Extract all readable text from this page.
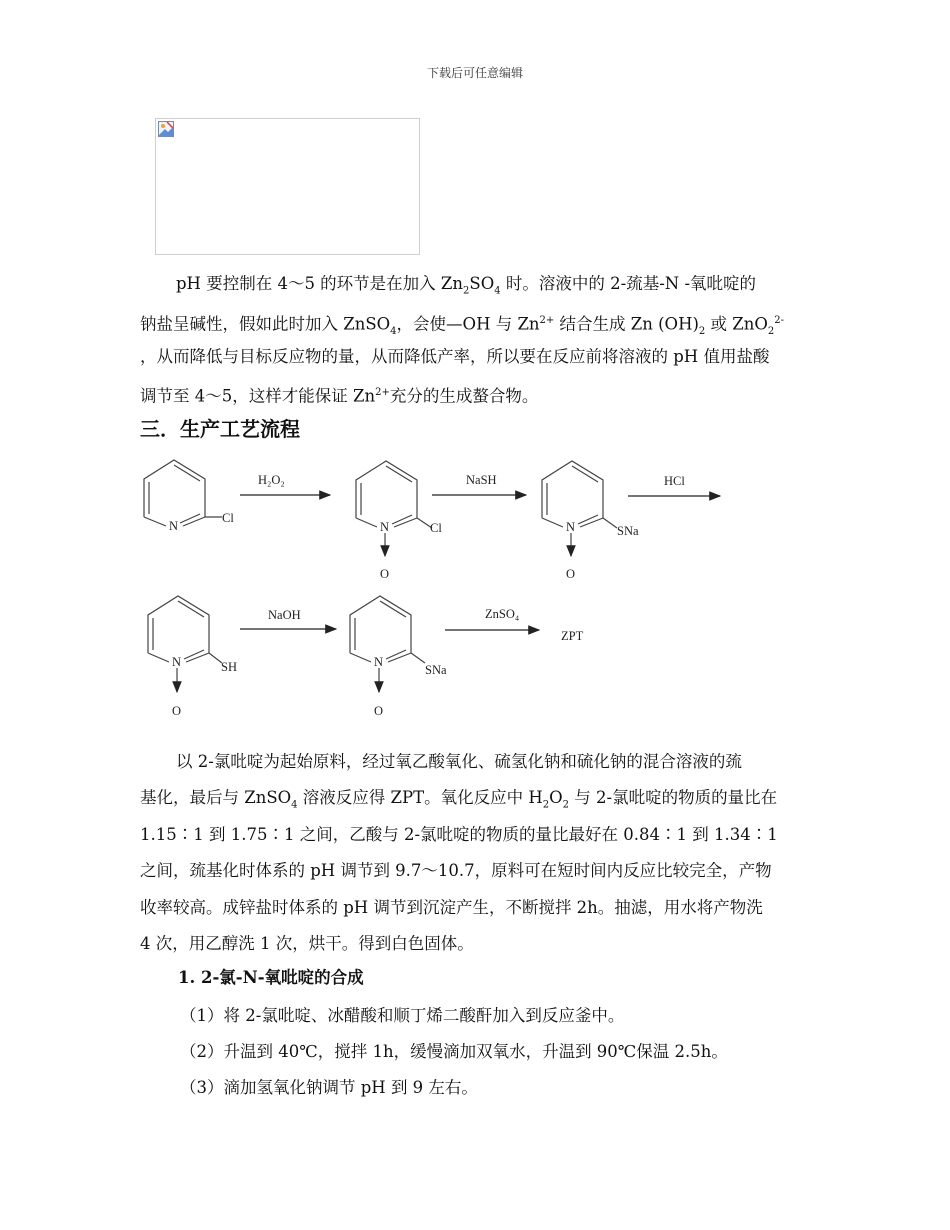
下载后可任意编辑

pH 要控制在 4～5 的环节是在加入 $Zn_2SO_4$ 时。溶液中的 2-巯基-N -氧吡啶的

钠盐呈碱性，假如此时加入 ZnSO$_4$，会使—OH 与 $Zn^{2+}$ 结合生成 Zn $(OH)_2$ 或 ZnO$_2^{2-}$

，从而降低与目标反应物的量，从而降低产率，所以要在反应前将溶液的 pH 值用盐酸

调节至 4～5，这样才能保证 $Zn^{2+}$充分的生成螯合物。

三．生产工艺流程

H₂O₂	NaSH	HCl
NaOH	ZnSO₄
ZPT
N
Cl
N	Cl
O
N	SNa
O
N	SH
O
N
SNa
O

以 2-氯吡啶为起始原料，经过氧乙酸氧化、硫氢化钠和硫化钠的混合溶液的巯

基化，最后与 ZnSO$_4$ 溶液反应得 ZPT。氧化反应中 $H_2O_2$ 与 2-氯吡啶的物质的量比在

1.15∶1 到 1.75∶1 之间，乙酸与 2-氯吡啶的物质的量比最好在 0.84∶1 到 1.34∶1

之间，巯基化时体系的 pH 调节到 9.7～10.7，原料可在短时间内反应比较完全，产物

收率较高。成锌盐时体系的 pH 调节到沉淀产生，不断搅拌 2h。抽滤，用水将产物洗

4 次，用乙醇洗 1 次，烘干。得到白色固体。

1. 2-氯-N-氧吡啶的合成

（1）将 2-氯吡啶、冰醋酸和顺丁烯二酸酐加入到反应釜中。

（2）升温到 40℃，搅拌 1h，缓慢滴加双氧水，升温到 90℃保温 2.5h。

（3）滴加氢氧化钠调节 pH 到 9 左右。
